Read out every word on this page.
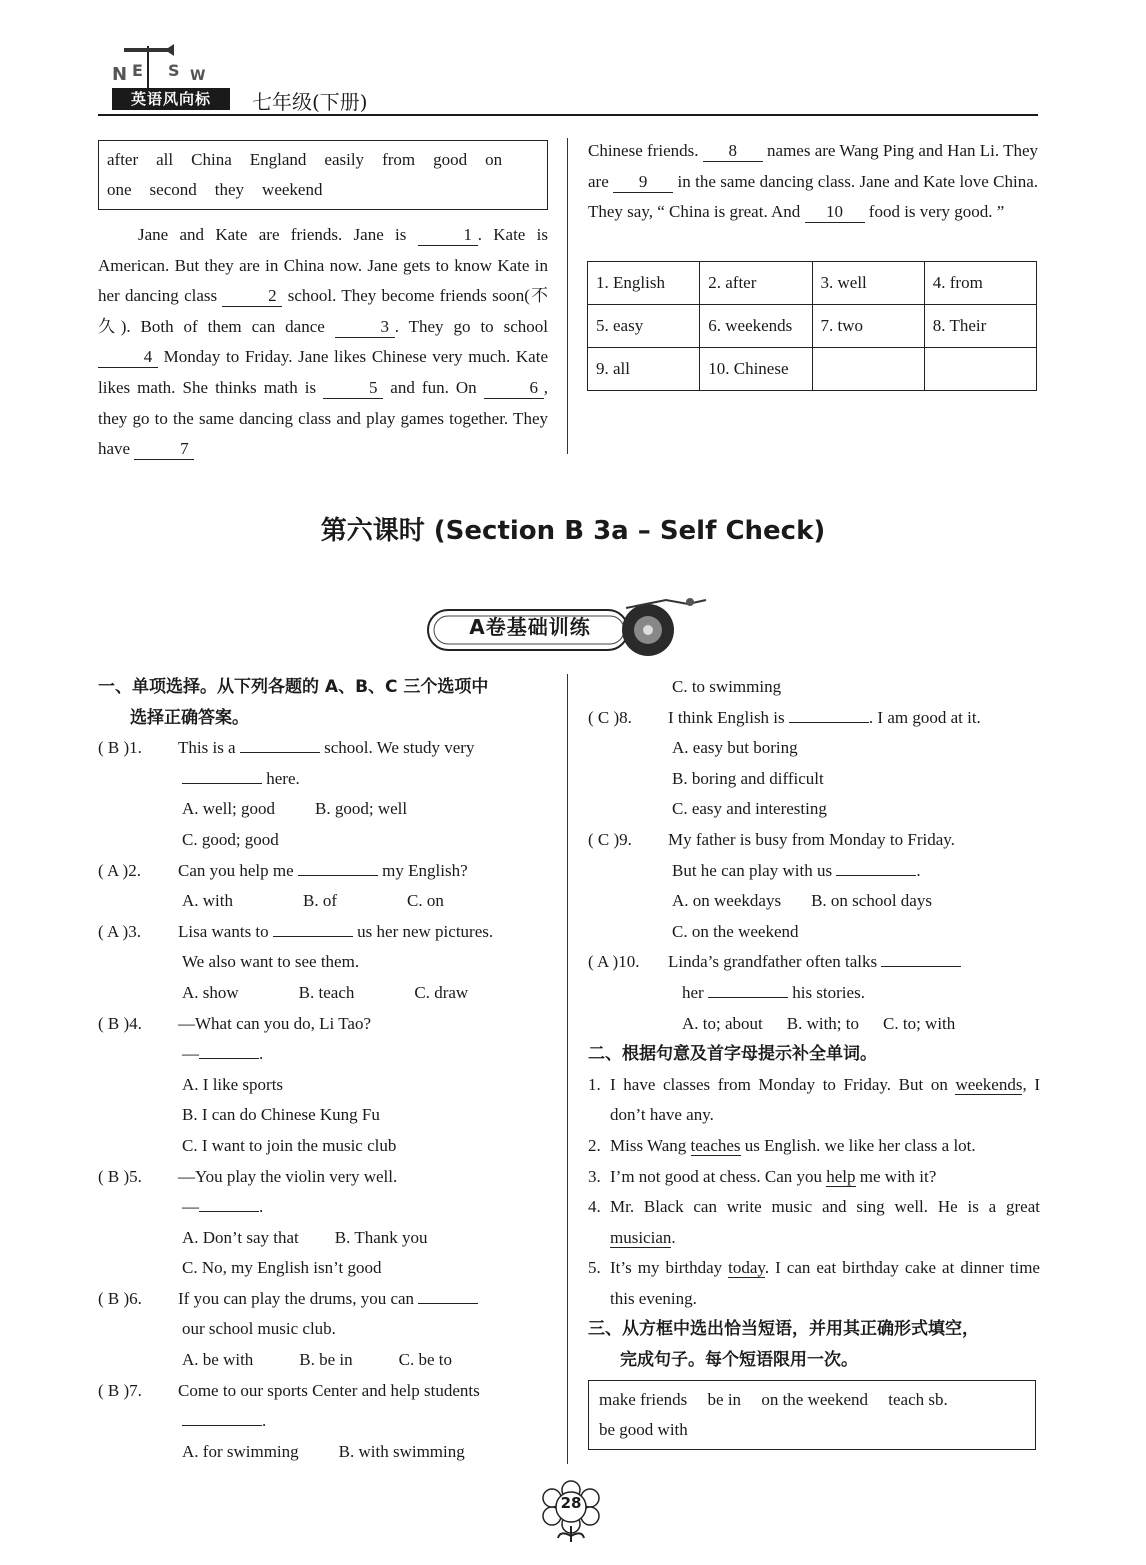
N E S W
英语风向标	七年级(下册)
after all China England easily from good on
one second they weekend
Jane and Kate are friends. Jane is	1 . Kate is American. But they are in China now. Jane gets to know Kate in her dancing class	2 school. They become friends soon(不久). Both of them can dance	3 . They go to school 4 Monday to Friday. Jane likes Chinese very much. Kate likes math. She thinks math is	5 and fun. On	6 , they go to the same dancing class and play games together. They have	7
Chinese friends. 8 names are Wang Ping and Han Li. They are 9 in the same dancing class. Jane and Kate love China. They say, “ China is great. And 10 food is very good. ”
1. English	2. after	3. well	4. from
5. easy	6. weekends	7. two	8. Their
9. all	10. Chinese		
第六课时 (Section B 3a – Self Check)
A卷基础训练
一、单项选择。从下列各题的 A、B、C 三个选项中
选择正确答案。
( B )1.	This is a	school. We study very
here.
A. well; good B. good; well
C. good; good
( A )2.	Can you help me	my English?
A. with	B. of	C. on
( A )3.	Lisa wants to	us her new pictures.
We also want to see them.
A. show	B. teach	C. draw
( B )4.	—What can you do, Li Tao?
—	.
A. I like sports
B. I can do Chinese Kung Fu
C. I want to join the music club
( B )5.	—You play the violin very well.
—	.
A. Don’t say that B. Thank you
C. No, my English isn’t good
( B )6.	If you can play the drums, you can
our school music club.
A. be with	B. be in	C. be to
( B )7.	Come to our sports Center and help students
.
A. for swimming B. with swimming
C. to swimming
( C )8.	I think English is	. I am good at it.
A. easy but boring
B. boring and difficult
C. easy and interesting
( C )9.	My father is busy from Monday to Friday.
But he can play with us	.
A. on weekdays B. on school days
C. on the weekend
( A )10.	Linda’s grandfather often talks
her	his stories.
A. to; about B. with; to C. to; with
二、根据句意及首字母提示补全单词。
1. I have classes from Monday to Friday. But on weekends, I don’t have any.
2. Miss Wang teaches us English. we like her class a lot.
3. I’m not good at chess. Can you help me with it?
4. Mr. Black can write music and sing well. He is a great musician.
5. It’s my birthday today. I can eat birthday cake at dinner time this evening.
三、从方框中选出恰当短语，并用其正确形式填空，
完成句子。每个短语限用一次。
make friends be in on the weekend teach sb.
be good with
28
